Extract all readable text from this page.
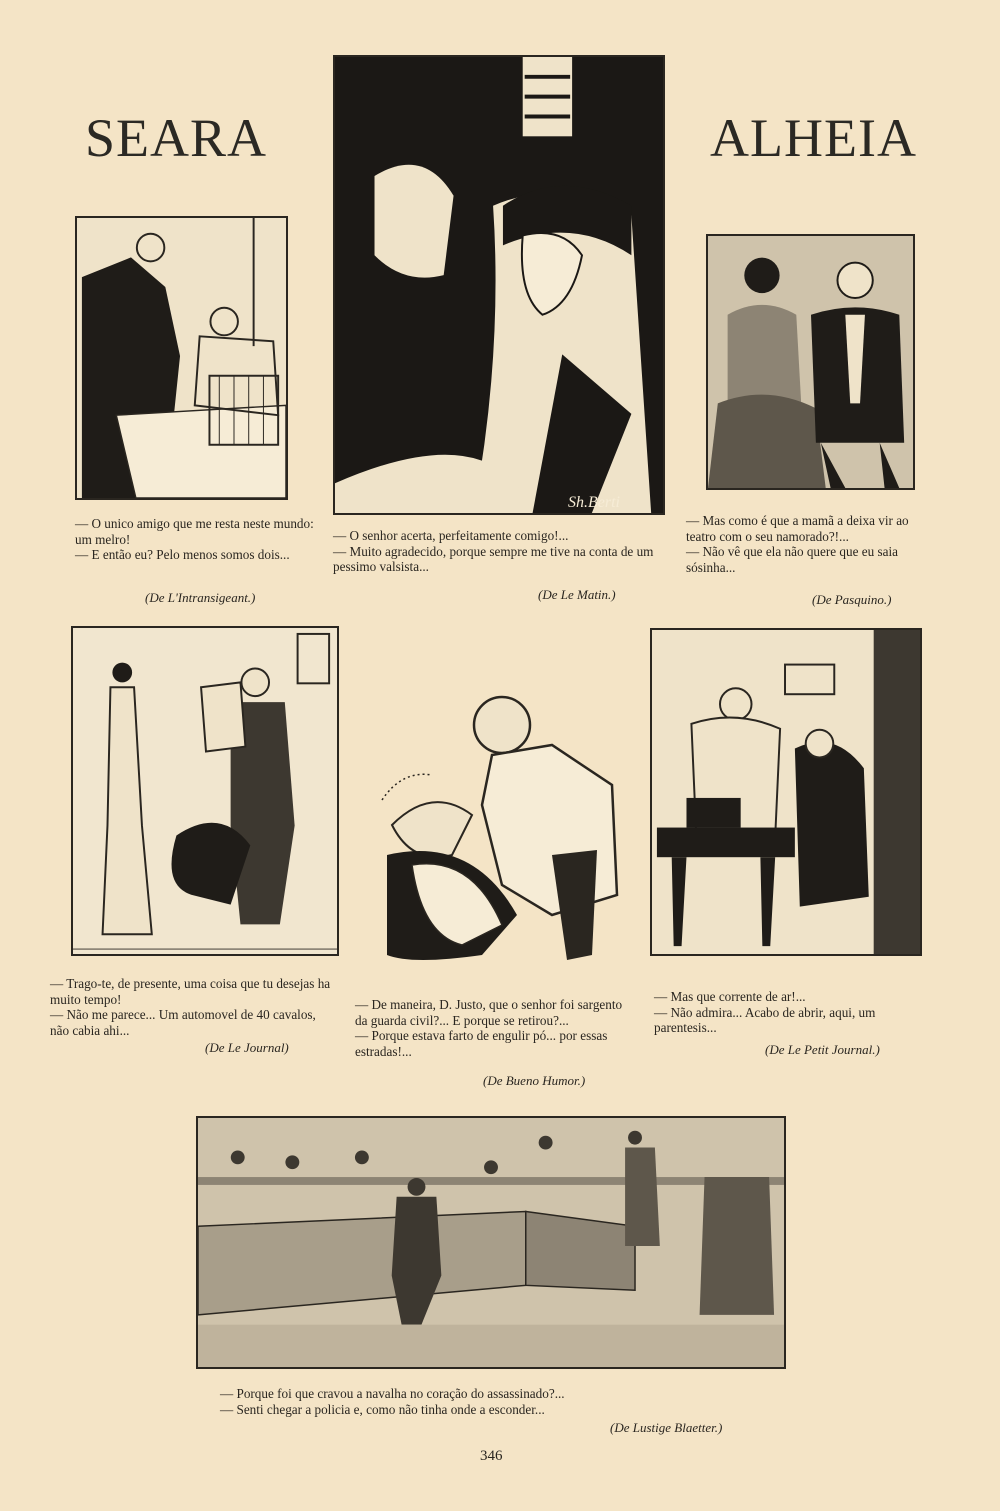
SEARA	ALHEIA

— O unico amigo que me resta neste mundo: um melro!

— E então eu? Pelo menos somos dois...

(De L'Intransigeant.)
Sh.Berti

— O senhor acerta, perfeitamente comigo!...

— Muito agradecido, porque sempre me tive na conta de um pessimo valsista...

(De Le Matin.)

— Mas como é que a mamã a deixa vir ao teatro com o seu namorado?!...

— Não vê que ela não quere que eu saia sósinha...

(De Pasquino.)

— Trago-te, de presente, uma coisa que tu desejas ha muito tempo!

— Não me parece... Um automovel de 40 cavalos, não cabia ahi...

(De Le Journal)

— De maneira, D. Justo, que o senhor foi sargento da guarda civil?... E porque se retirou?...

— Porque estava farto de engulir pó... por essas estradas!...

(De Bueno Humor.)

— Mas que corrente de ar!...

— Não admira... Acabo de abrir, aqui, um parentesis...

(De Le Petit Journal.)

— Porque foi que cravou a navalha no coração do assassinado?...

— Senti chegar a policia e, como não tinha onde a esconder...

(De Lustige Blaetter.)
346
